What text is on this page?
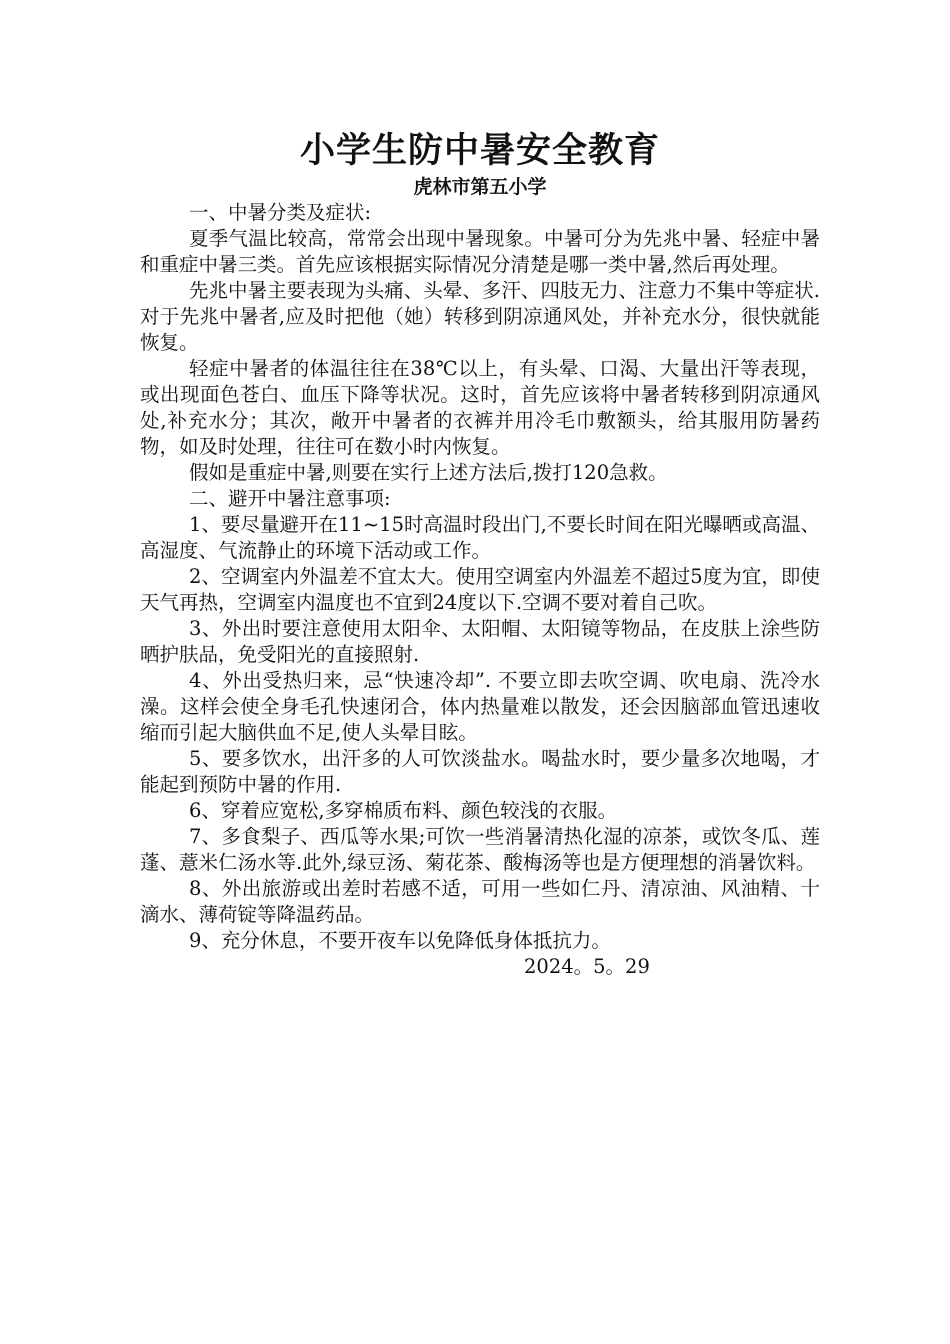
小学生防中暑安全教育
虎林市第五小学

一、中暑分类及症状:

夏季气温比较高，常常会出现中暑现象。中暑可分为先兆中暑、轻症中暑和重症中暑三类。首先应该根据实际情况分清楚是哪一类中暑,然后再处理。

先兆中暑主要表现为头痛、头晕、多汗、四肢无力、注意力不集中等症状.对于先兆中暑者,应及时把他（她）转移到阴凉通风处，并补充水分，很快就能恢复。

轻症中暑者的体温往往在38℃以上，有头晕、口渴、大量出汗等表现，或出现面色苍白、血压下降等状况。这时，首先应该将中暑者转移到阴凉通风处,补充水分；其次，敞开中暑者的衣裤并用冷毛巾敷额头，给其服用防暑药物，如及时处理，往往可在数小时内恢复。

假如是重症中暑,则要在实行上述方法后,拨打120急救。

二、避开中暑注意事项:

1、要尽量避开在11~15时高温时段出门,不要长时间在阳光曝晒或高温、高湿度、气流静止的环境下活动或工作。

2、空调室内外温差不宜太大。使用空调室内外温差不超过5度为宜，即使天气再热，空调室内温度也不宜到24度以下.空调不要对着自己吹。

3、外出时要注意使用太阳伞、太阳帽、太阳镜等物品，在皮肤上涂些防晒护肤品，免受阳光的直接照射.

4、外出受热归来，忌“快速冷却”. 不要立即去吹空调、吹电扇、洗冷水澡。这样会使全身毛孔快速闭合，体内热量难以散发，还会因脑部血管迅速收缩而引起大脑供血不足,使人头晕目眩。

5、要多饮水，出汗多的人可饮淡盐水。喝盐水时，要少量多次地喝，才能起到预防中暑的作用.

6、穿着应宽松,多穿棉质布料、颜色较浅的衣服。

7、多食梨子、西瓜等水果;可饮一些消暑清热化湿的凉茶，或饮冬瓜、莲蓬、薏米仁汤水等.此外,绿豆汤、菊花茶、酸梅汤等也是方便理想的消暑饮料。

8、外出旅游或出差时若感不适，可用一些如仁丹、清凉油、风油精、十滴水、薄荷锭等降温药品。

9、充分休息，不要开夜车以免降低身体抵抗力。

2024。5。29
